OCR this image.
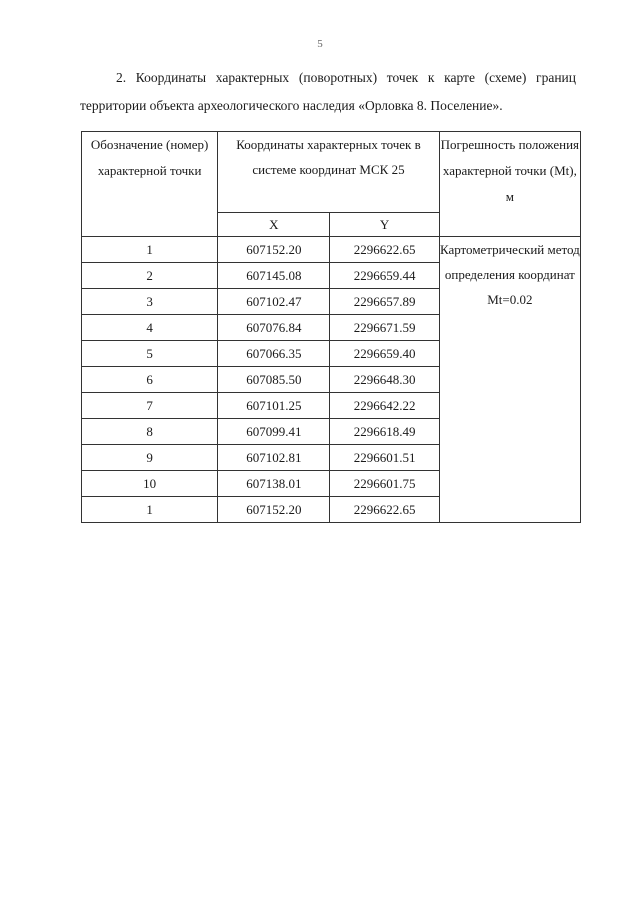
5

2. Координаты характерных (поворотных) точек к карте (схеме) границ территории объекта археологического наследия «Орловка 8. Поселение».

Обозначение (номер) характерной точки	Координаты характерных точек в системе координат МСК 25		Погрешность положения характерной точки (Mt), м
	X	Y	
1	607152.20	2296622.65	Картометрический метод определения координат Mt=0.02
2	607145.08	2296659.44	
3	607102.47	2296657.89	
4	607076.84	2296671.59	
5	607066.35	2296659.40	
6	607085.50	2296648.30	
7	607101.25	2296642.22	
8	607099.41	2296618.49	
9	607102.81	2296601.51	
10	607138.01	2296601.75	
1	607152.20	2296622.65	
